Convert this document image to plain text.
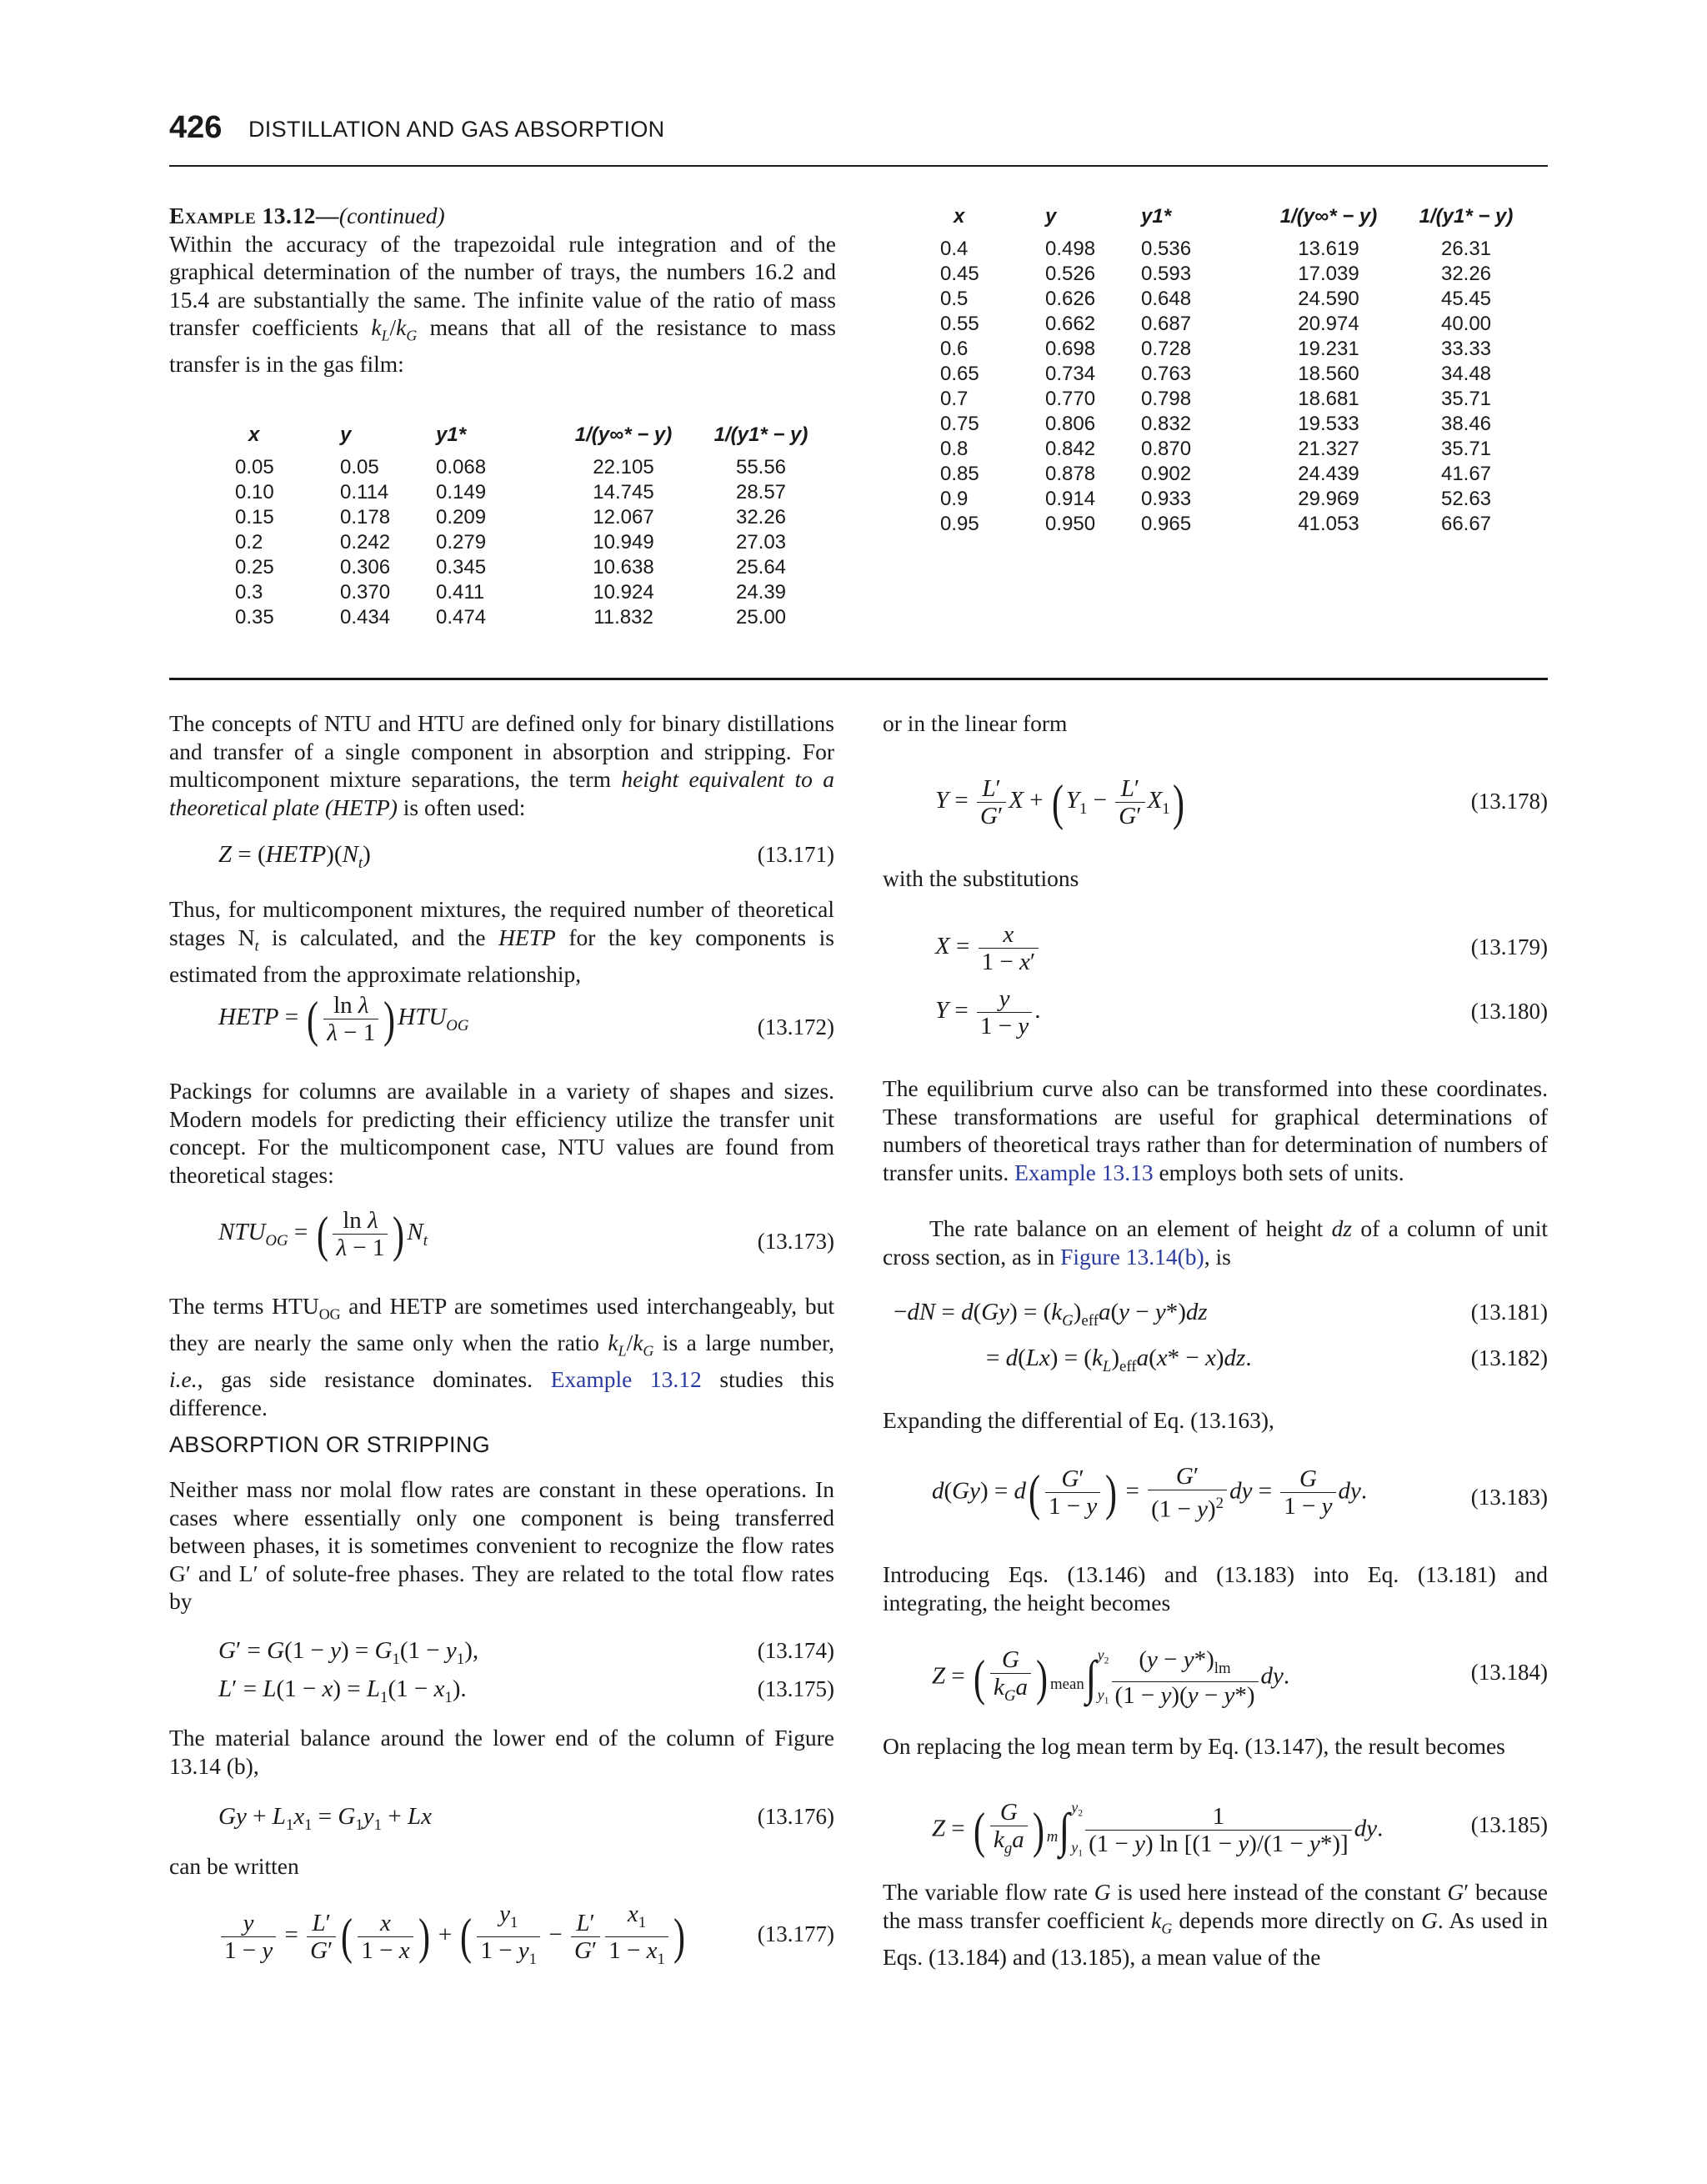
426 DISTILLATION AND GAS ABSORPTION
Example 13.12—(continued)

Within the accuracy of the trapezoidal rule integration and of the graphical determination of the number of trays, the numbers 16.2 and 15.4 are substantially the same. The infinite value of the ratio of mass transfer coefficients $k_L/k_G$ means that all of the resistance to mass transfer is in the gas film:

x	y	y1*	1/(y∞* − y)	1/(y1* − y)
0.05	0.05	0.068	22.105	55.56
0.10	0.114	0.149	14.745	28.57
0.15	0.178	0.209	12.067	32.26
0.2	0.242	0.279	10.949	27.03
0.25	0.306	0.345	10.638	25.64
0.3	0.370	0.411	10.924	24.39
0.35	0.434	0.474	11.832	25.00
x	y	y1*	1/(y∞* − y)	1/(y1* − y)
0.4	0.498	0.536	13.619	26.31
0.45	0.526	0.593	17.039	32.26
0.5	0.626	0.648	24.590	45.45
0.55	0.662	0.687	20.974	40.00
0.6	0.698	0.728	19.231	33.33
0.65	0.734	0.763	18.560	34.48
0.7	0.770	0.798	18.681	35.71
0.75	0.806	0.832	19.533	38.46
0.8	0.842	0.870	21.327	35.71
0.85	0.878	0.902	24.439	41.67
0.9	0.914	0.933	29.969	52.63
0.95	0.950	0.965	41.053	66.67
The concepts of NTU and HTU are defined only for binary distillations and transfer of a single component in absorption and stripping. For multicomponent mixture separations, the term height equivalent to a theoretical plate (HETP) is often used:
$Z = (HETP)(N_t)$	(13.171)
Thus, for multicomponent mixtures, the required number of theoretical stages $N_t$ is calculated, and the HETP for the key components is estimated from the approximate relationship,
HETP = ( $\frac{\text{ln λ}}{\lambda - 1}$ ) $HTU_{OG}$	(13.172)
Packings for columns are available in a variety of shapes and sizes. Modern models for predicting their efficiency utilize the transfer unit concept. For the multicomponent case, NTU values are found from theoretical stages:
$NTU_{OG}$ = ( $\frac{\text{ln λ}}{\lambda - 1}$ ) $N_t$	(13.173)
The terms $HTU_{OG}$ and HETP are sometimes used interchangeably, but they are nearly the same only when the ratio $k_L/k_G$ is a large number, i.e., gas side resistance dominates. Example 13.12 studies this difference.
ABSORPTION OR STRIPPING
Neither mass nor molal flow rates are constant in these operations. In cases where essentially only one component is being transferred between phases, it is sometimes convenient to recognize the flow rates G′ and L′ of solute-free phases. They are related to the total flow rates by
$G' = G(1 - y) = G_1(1 - y_1)$,	(13.174)
$L' = L(1 - x) = L_1(1 - x_1)$.	(13.175)
The material balance around the lower end of the column of Figure 13.14 (b),
$Gy + L_1x_1 = G_1y_1 + Lx$	(13.176)
can be written
$\frac{y}{1 - y} = \frac{L'}{G'}$ ( $\frac{x}{1 - x}$ ) + ( $\frac{y_1}{1 - y_1} - \frac{L'}{G'} \frac{x_1}{1 - x_1}$ )	(13.177)
or in the linear form
$Y = \frac{L'}{G'}$ X + ( $Y_1 - \frac{L'}{G'} X_1$)	(13.178)
with the substitutions
$X = \frac{x}{1 - x'}$	(13.179)
$Y = \frac{y}{1 - y}$ .	(13.180)
The equilibrium curve also can be transformed into these coordinates. These transformations are useful for graphical determinations of numbers of theoretical trays rather than for determination of numbers of transfer units. Example 13.13 employs both sets of units.
The rate balance on an element of height dz of a column of unit cross section, as in Figure 13.14(b), is
$-dN = d(Gy) = (k_G)_{eff}a(y - y*)dz$	(13.181)
= $d(Lx) = (k_L)_{eff}a(x* - x)dz$.	(13.182)
Expanding the differential of Eq. (13.163),
$d(Gy) = d( \frac{G'}{1 - y}$ ) = $\frac{G'}{(1 - y)^2}$ dy = $\frac{G}{1 - y}$ dy.	(13.183)
Introducing Eqs. (13.146) and (13.183) into Eq. (13.181) and integrating, the height becomes
Z = ( $\frac{G}{k_Ga}$ ) $_{mean}\int y_2$
$y_1 \frac{(y - y*)_{lm}}{(1 - y)(y - y*)}$ dy.	(13.184)
On replacing the log mean term by Eq. (13.147), the result becomes
Z = ( $\frac{G}{k_ga}$ ) $_m\int y_2$
$y_1 \frac{1}{(1 - y) \ln [(1 - y)/(1 - y*)]}$ dy.	(13.185)
The variable flow rate G is used here instead of the constant G′ because the mass transfer coefficient $k_G$ depends more directly on G. As used in Eqs. (13.184) and (13.185), a mean value of the
